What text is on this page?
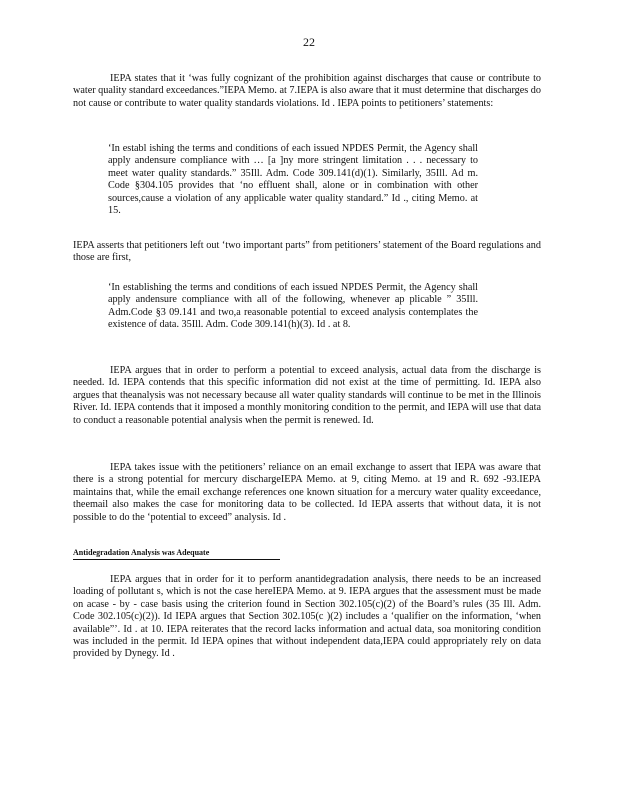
22
IEPA states that it ‘was fully cognizant of the prohibition against discharges that cause or contribute to water quality standard exceedances.”IEPA Memo. at 7.IEPA is also aware that it must determine that discharges do not cause or contribute to water quality standards violations. Id . IEPA points to petitioners’ statements:
‘In establ ishing the terms and conditions of each issued NPDES Permit, the Agency shall apply andensure compliance with … [a ]ny more stringent limitation . . . necessary to meet water quality standards.” 35Ill. Adm. Code 309.141(d)(1). Similarly, 35Ill. Ad m. Code §304.105 provides that ‘no effluent shall, alone or in combination with other sources,cause a violation of any applicable water quality standard.” Id ., citing Memo. at 15.
IEPA asserts that petitioners left out ‘two important parts” from petitioners’ statement of the Board regulations and those are first,
‘In establishing the terms and conditions of each issued NPDES Permit, the Agency shall apply andensure compliance with all of the following, whenever ap plicable ” 35Ill. Adm.Code §3 09.141 and two,a reasonable potential to exceed analysis contemplates the existence of data. 35Ill. Adm. Code 309.141(h)(3). Id . at 8.
IEPA argues that in order to perform a potential to exceed analysis, actual data from the discharge is needed. Id. IEPA contends that this specific information did not exist at the time of permitting. Id. IEPA also argues that theanalysis was not necessary because all water quality standards will continue to be met in the Illinois River. Id. IEPA contends that it imposed a monthly monitoring condition to the permit, and IEPA will use that data to conduct a reasonable potential analysis when the permit is renewed. Id.
IEPA takes issue with the petitioners’ reliance on an email exchange to assert that IEPA was aware that there is a strong potential for mercury dischargeIEPA Memo. at 9, citing Memo. at 19 and R. 692 -93.IEPA maintains that, while the email exchange references one known situation for a mercury water quality exceedance, theemail also makes the case for monitoring data to be collected. Id IEPA asserts that without data, it is not possible to do the ‘potential to exceed” analysis. Id .
Antidegradation Analysis was Adequate
IEPA argues that in order for it to perform anantidegradation analysis, there needs to be an increased loading of pollutant s, which is not the case hereIEPA Memo. at 9. IEPA argues that the assessment must be made on acase - by - case basis using the criterion found in Section 302.105(c)(2) of the Board’s rules (35 Ill. Adm. Code 302.105(c)(2)). Id IEPA argues that Section 302.105(c )(2) includes a ‘qualifier on the information, ‘when available”’. Id . at 10. IEPA reiterates that the record lacks information and actual data, soa monitoring condition was included in the permit. Id IEPA opines that without independent data,IEPA could appropriately rely on data provided by Dynegy. Id .
